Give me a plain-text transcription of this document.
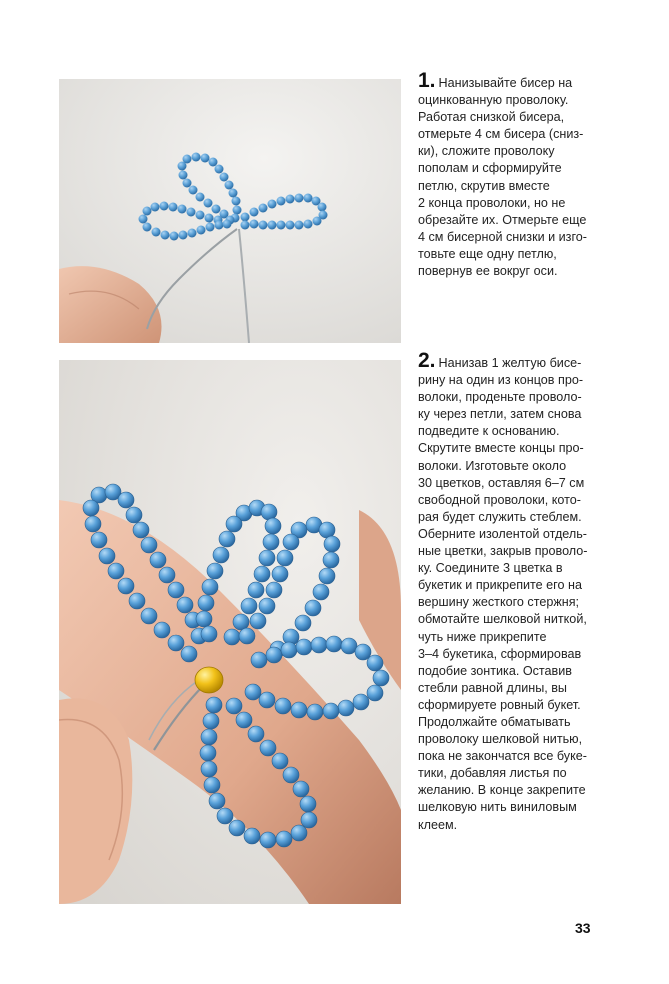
1. Нанизывайте бисер на
оцинкованную проволоку.
Работая снизкой бисера,
отмерьте 4 см бисера (сниз-
ки), сложите проволоку
пополам и сформируйте
петлю, скрутив вместе
2 конца проволоки, но не
обрезайте их. Отмерьте еще
4 см бисерной снизки и изго-
товьте еще одну петлю,
повернув ее вокруг оси.
2. Нанизав 1 желтую бисе-
рину на один из концов про-
волоки, проденьте проволо-
ку через петли, затем снова
подведите к основанию.
Скрутите вместе концы про-
волоки. Изготовьте около
30 цветков, оставляя 6–7 см
свободной проволоки, кото-
рая будет служить стеблем.
Оберните изолентой отдель-
ные цветки, закрыв проволо-
ку. Соедините 3 цветка в
букетик и прикрепите его на
вершину жесткого стержня;
обмотайте шелковой ниткой,
чуть ниже прикрепите
3–4 букетика, сформировав
подобие зонтика. Оставив
стебли равной длины, вы
сформируете ровный букет.
Продолжайте обматывать
проволоку шелковой нитью,
пока не закончатся все буке-
тики, добавляя листья по
желанию. В конце закрепите
шелковую нить виниловым
клеем.
33
